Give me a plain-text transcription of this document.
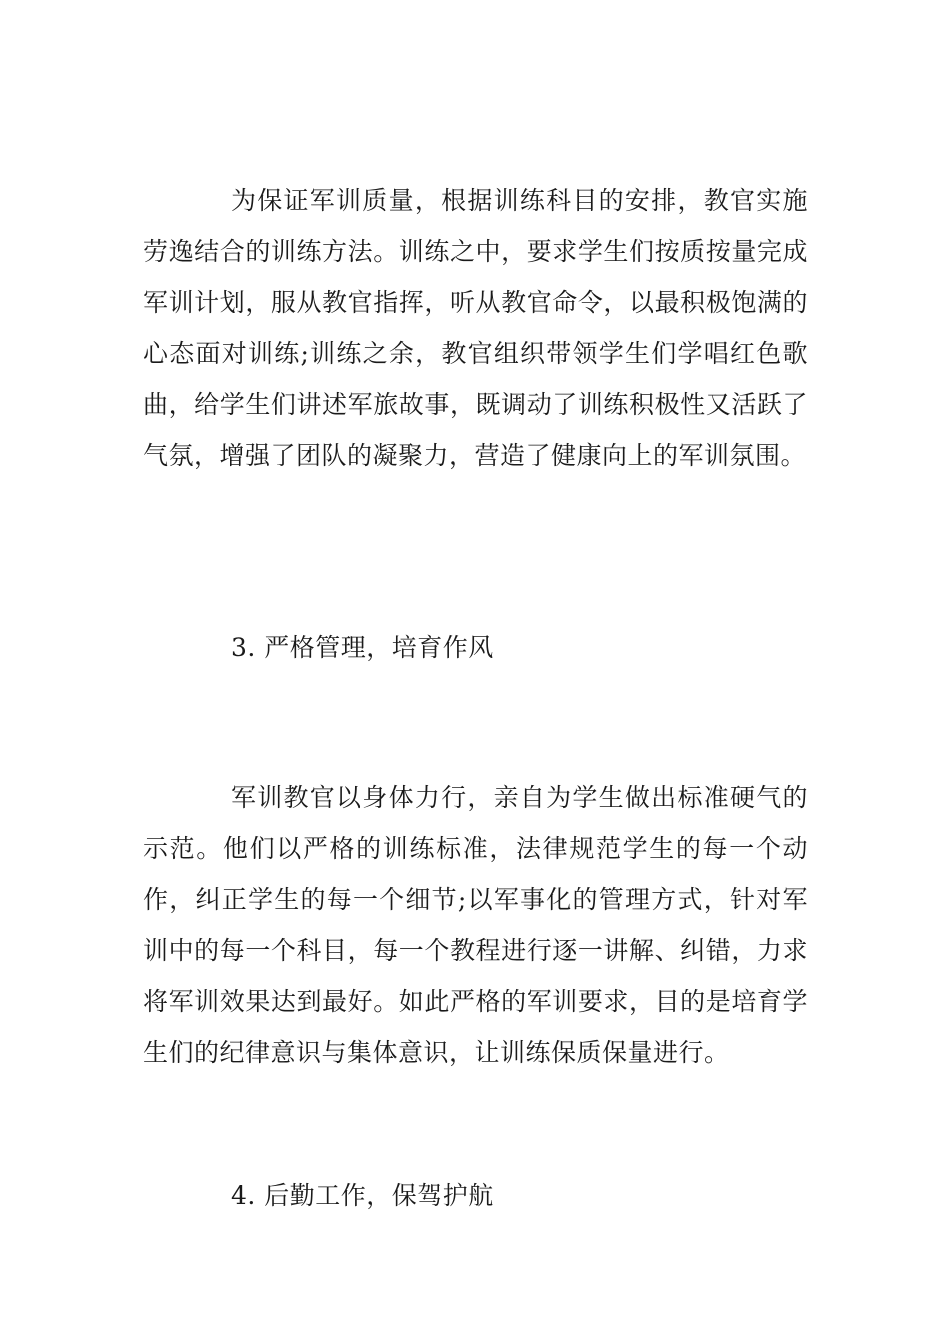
为保证军训质量，根据训练科目的安排，教官实施劳逸结合的训练方法。训练之中，要求学生们按质按量完成军训计划，服从教官指挥，听从教官命令，以最积极饱满的心态面对训练;训练之余，教官组织带领学生们学唱红色歌曲，给学生们讲述军旅故事，既调动了训练积极性又活跃了气氛，增强了团队的凝聚力，营造了健康向上的军训氛围。

3. 严格管理，培育作风

军训教官以身体力行，亲自为学生做出标准硬气的示范。他们以严格的训练标准，法律规范学生的每一个动作，纠正学生的每一个细节;以军事化的管理方式，针对军训中的每一个科目，每一个教程进行逐一讲解、纠错，力求将军训效果达到最好。如此严格的军训要求，目的是培育学生们的纪律意识与集体意识，让训练保质保量进行。

4. 后勤工作，保驾护航
